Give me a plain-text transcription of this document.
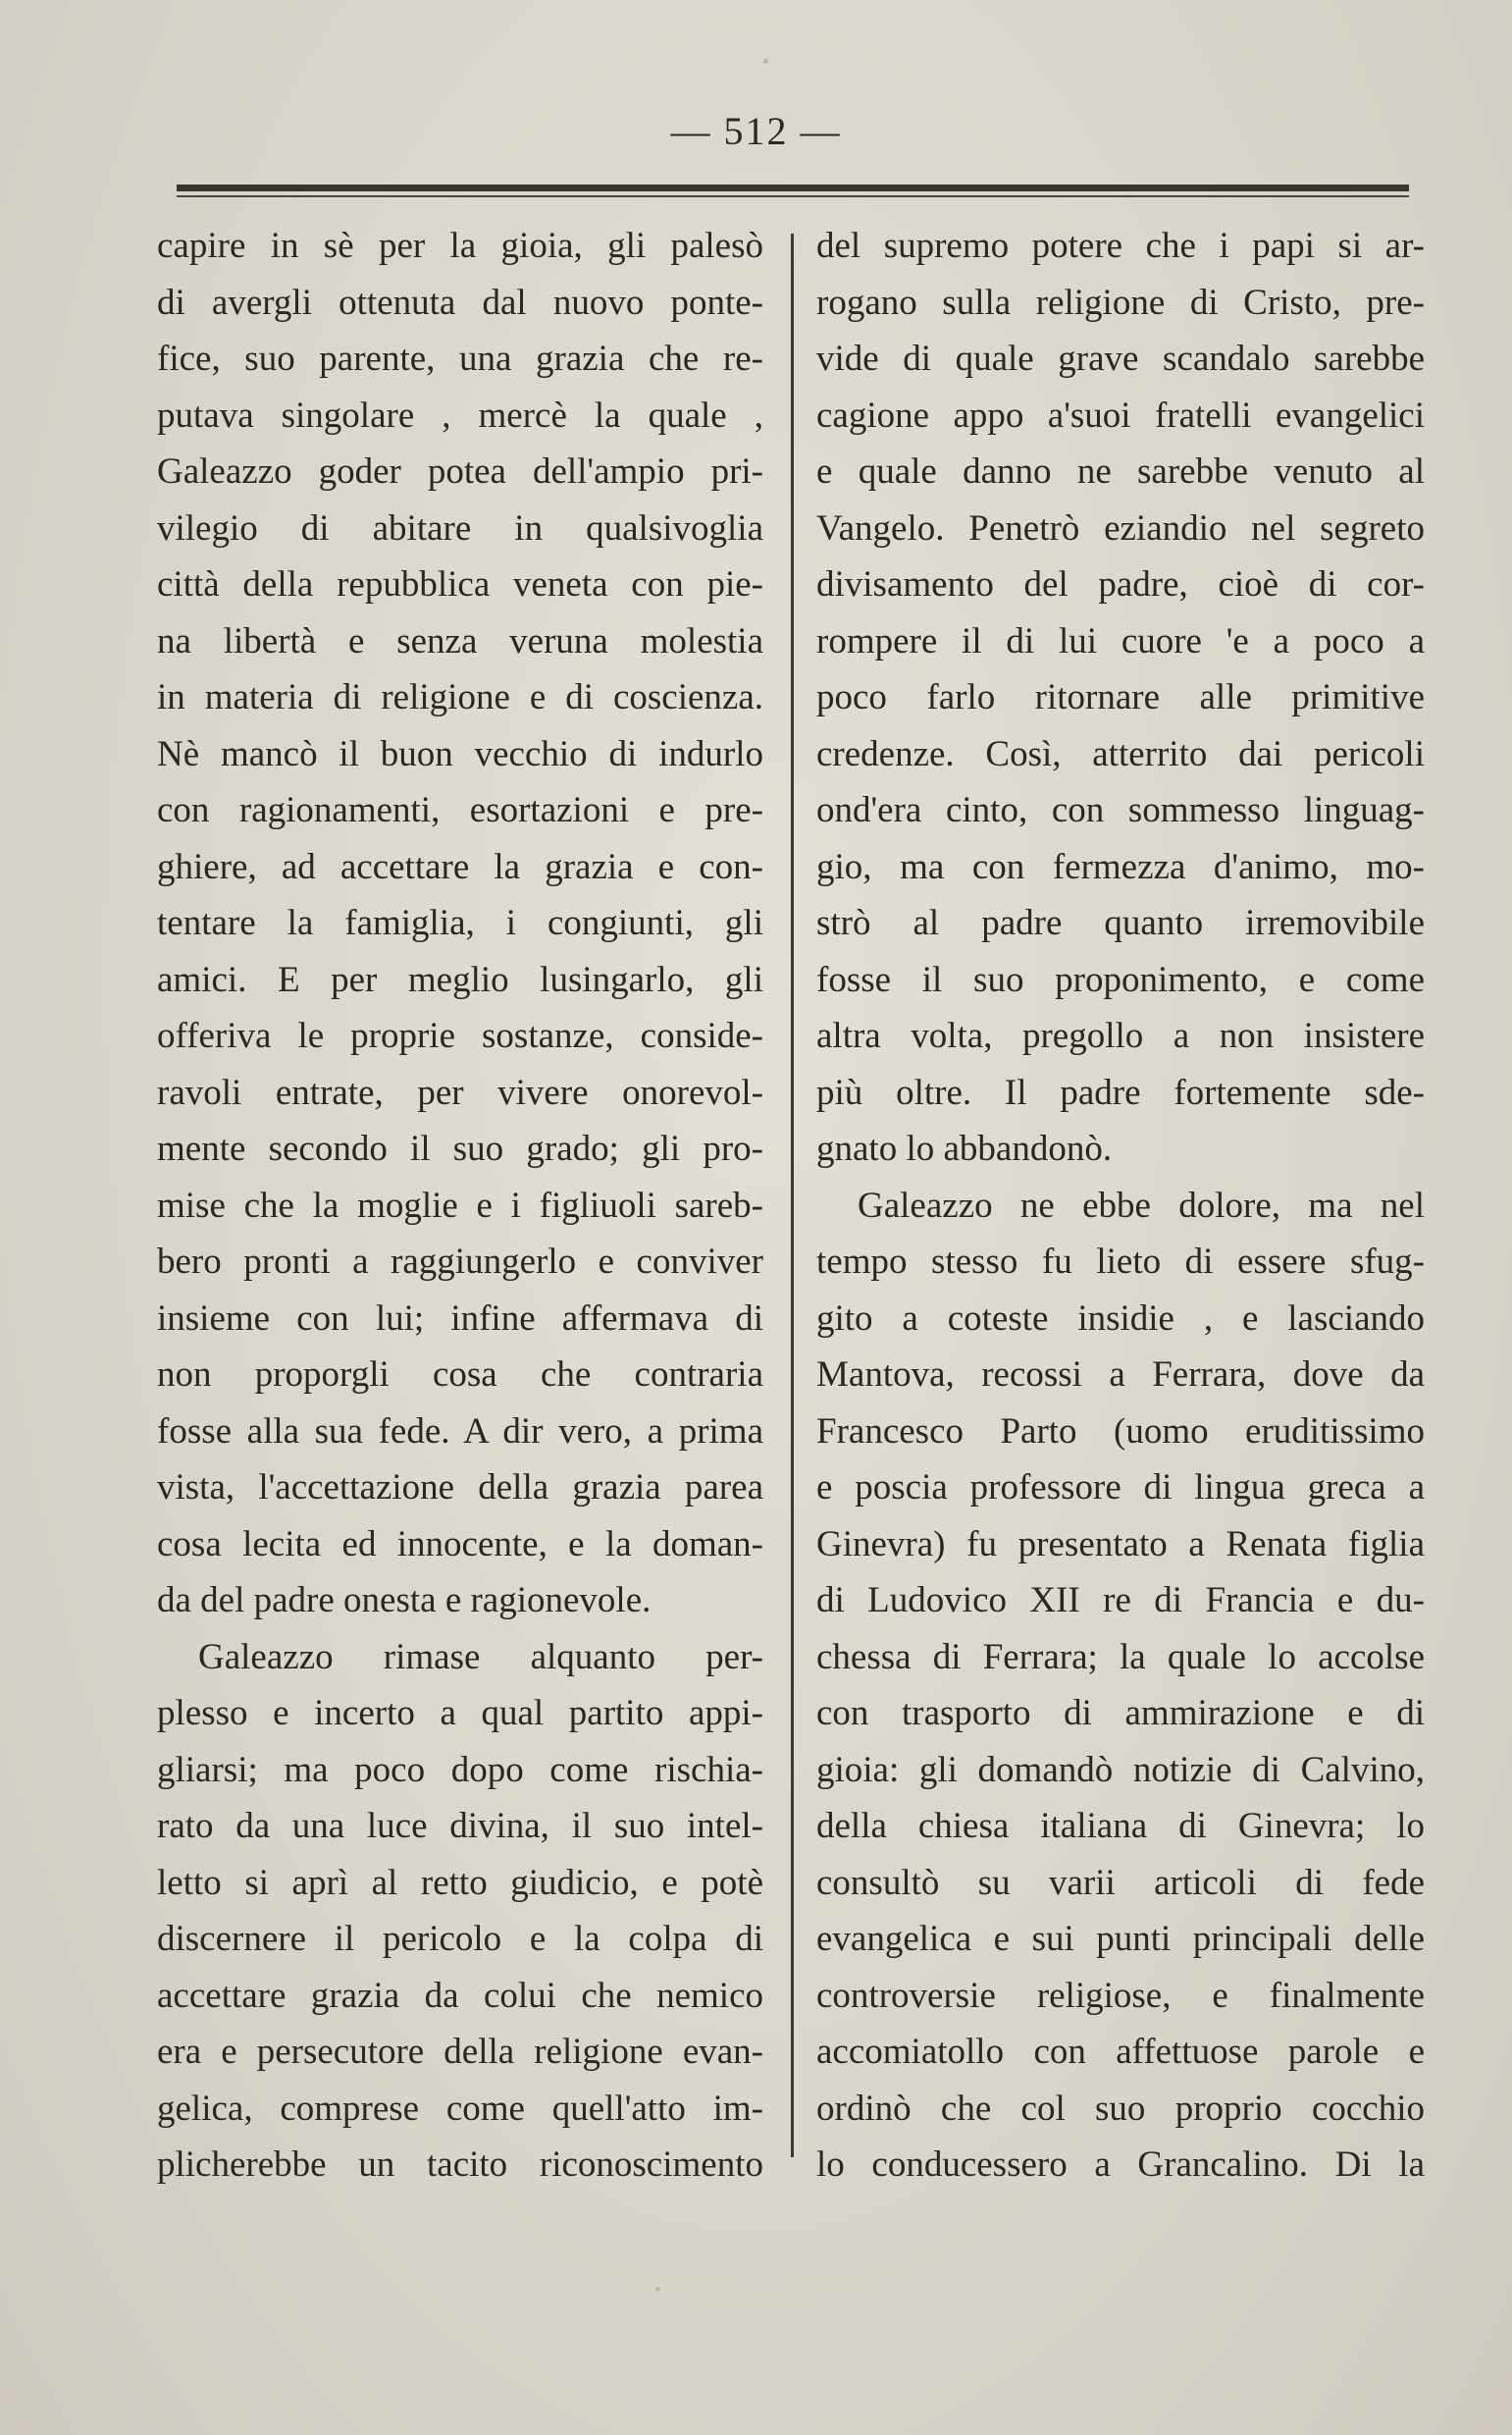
— 512 —
capire in sè per la gioia, gli palesò
di avergli ottenuta dal nuovo ponte-
fice, suo parente, una grazia che re-
putava singolare , mercè la quale ,
Galeazzo goder potea dell'ampio pri-
vilegio di abitare in qualsivoglia
città della repubblica veneta con pie-
na libertà e senza veruna molestia
in materia di religione e di coscienza.
Nè mancò il buon vecchio di indurlo
con ragionamenti, esortazioni e pre-
ghiere, ad accettare la grazia e con-
tentare la famiglia, i congiunti, gli
amici. E per meglio lusingarlo, gli
offeriva le proprie sostanze, conside-
ravoli entrate, per vivere onorevol-
mente secondo il suo grado; gli pro-
mise che la moglie e i figliuoli sareb-
bero pronti a raggiungerlo e conviver
insieme con lui; infine affermava di
non proporgli cosa che contraria
fosse alla sua fede. A dir vero, a prima
vista, l'accettazione della grazia parea
cosa lecita ed innocente, e la doman-
da del padre onesta e ragionevole.
Galeazzo rimase alquanto per-
plesso e incerto a qual partito appi-
gliarsi; ma poco dopo come rischia-
rato da una luce divina, il suo intel-
letto si aprì al retto giudicio, e potè
discernere il pericolo e la colpa di
accettare grazia da colui che nemico
era e persecutore della religione evan-
gelica, comprese come quell'atto im-
plicherebbe un tacito riconoscimento
del supremo potere che i papi si ar-
rogano sulla religione di Cristo, pre-
vide di quale grave scandalo sarebbe
cagione appo a'suoi fratelli evangelici
e quale danno ne sarebbe venuto al
Vangelo. Penetrò eziandio nel segreto
divisamento del padre, cioè di cor-
rompere il di lui cuore 'e a poco a
poco farlo ritornare alle primitive
credenze. Così, atterrito dai pericoli
ond'era cinto, con sommesso linguag-
gio, ma con fermezza d'animo, mo-
strò al padre quanto irremovibile
fosse il suo proponimento, e come
altra volta, pregollo a non insistere
più oltre. Il padre fortemente sde-
gnato lo abbandonò.
Galeazzo ne ebbe dolore, ma nel
tempo stesso fu lieto di essere sfug-
gito a coteste insidie , e lasciando
Mantova, recossi a Ferrara, dove da
Francesco Parto (uomo eruditissimo
e poscia professore di lingua greca a
Ginevra) fu presentato a Renata figlia
di Ludovico XII re di Francia e du-
chessa di Ferrara; la quale lo accolse
con trasporto di ammirazione e di
gioia: gli domandò notizie di Calvino,
della chiesa italiana di Ginevra; lo
consultò su varii articoli di fede
evangelica e sui punti principali delle
controversie religiose, e finalmente
accomiatollo con affettuose parole e
ordinò che col suo proprio cocchio
lo conducessero a Grancalino. Di la
